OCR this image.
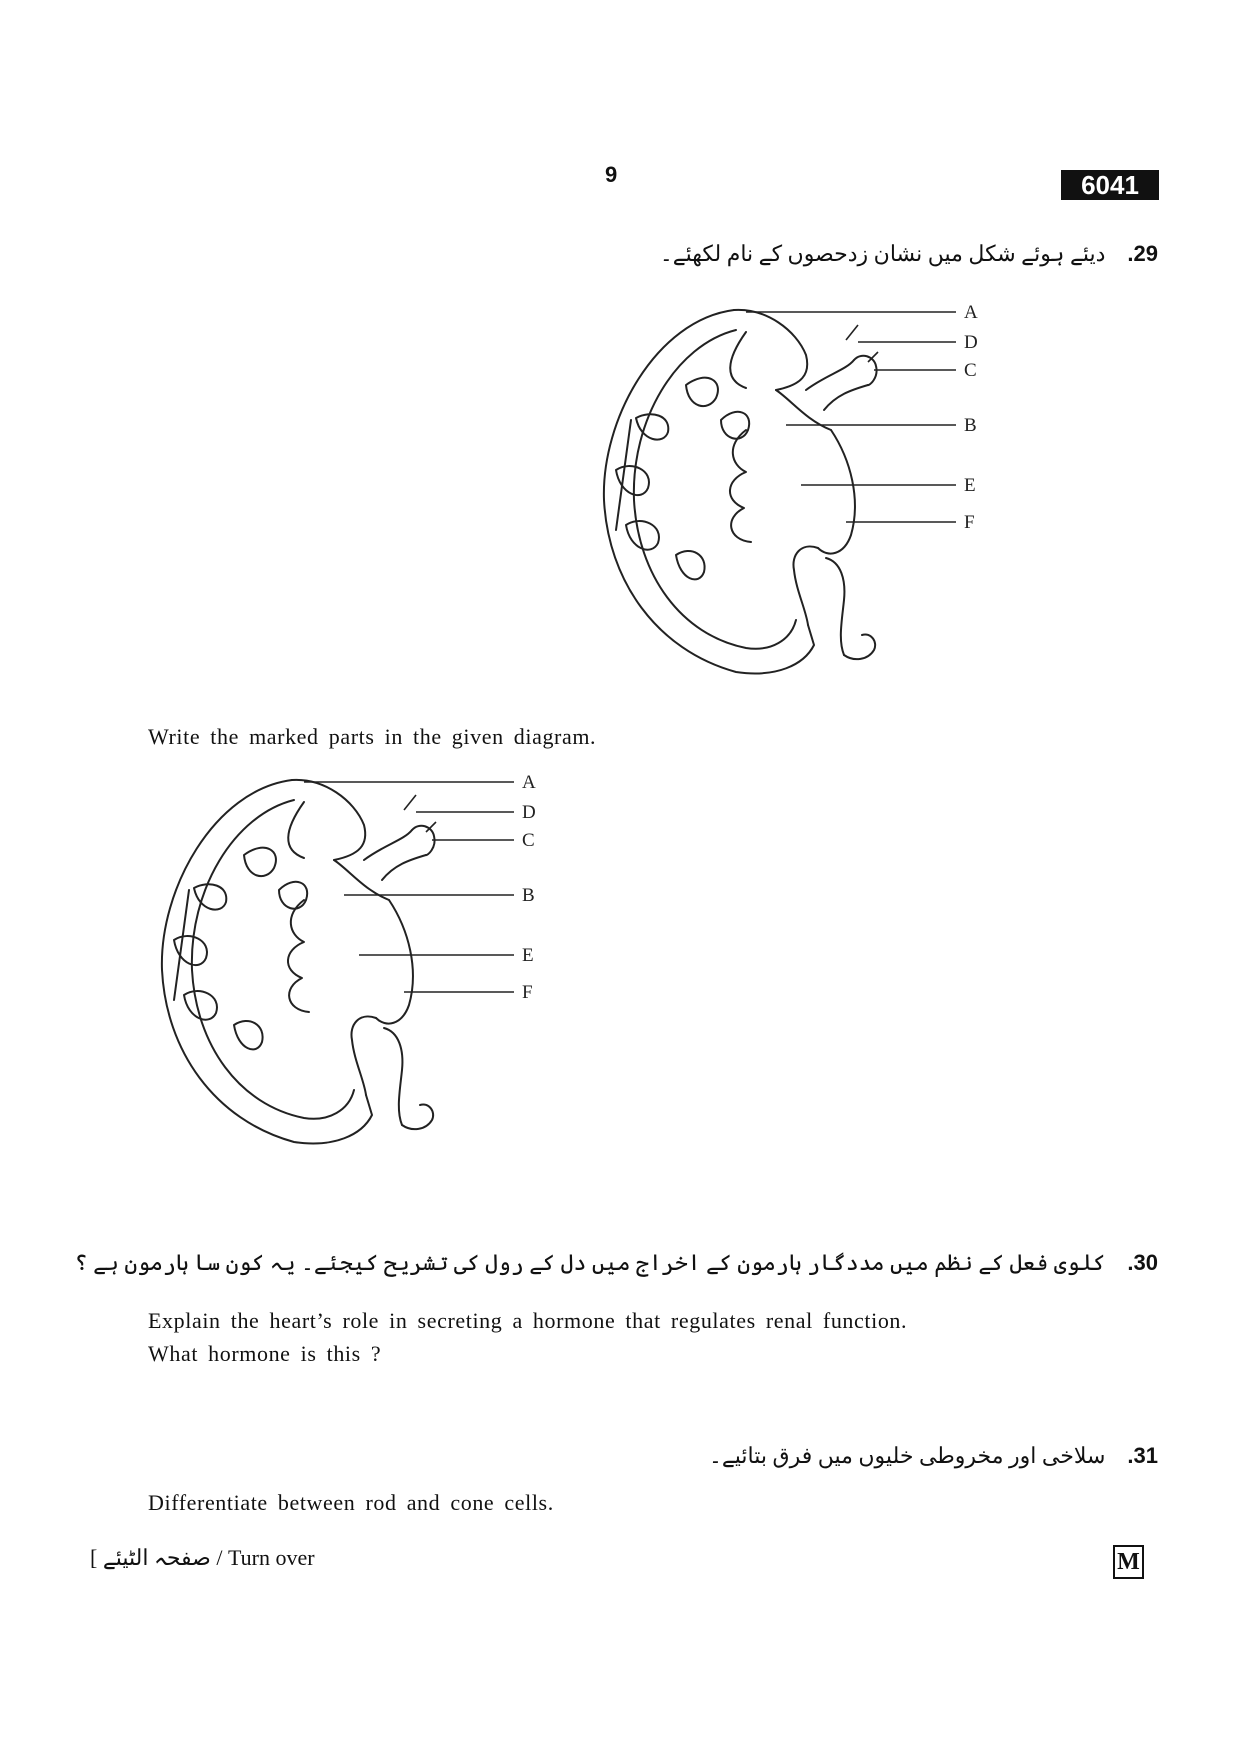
9	6041
.29
دیئے ہوئے شکل میں نشان زدحصوں کے نام لکھئے۔
A
D
C
B
E
F
Write the marked parts in the given diagram.
A
D
C
B
E
F
.30
کلوی فعل کے نظم میں مددگار ہارمون کے اخراج میں دل کے رول کی تشریح کیجئے۔ یہ کون سا ہارمون ہے ؟
Explain the heart’s role in secreting a hormone that regulates renal function.
What hormone is this ?
.31
سلاخی اور مخروطی خلیوں میں فرق بتائیے۔
Differentiate between rod and cone cells.
[ صفحہ الٹیئے / Turn over	M
